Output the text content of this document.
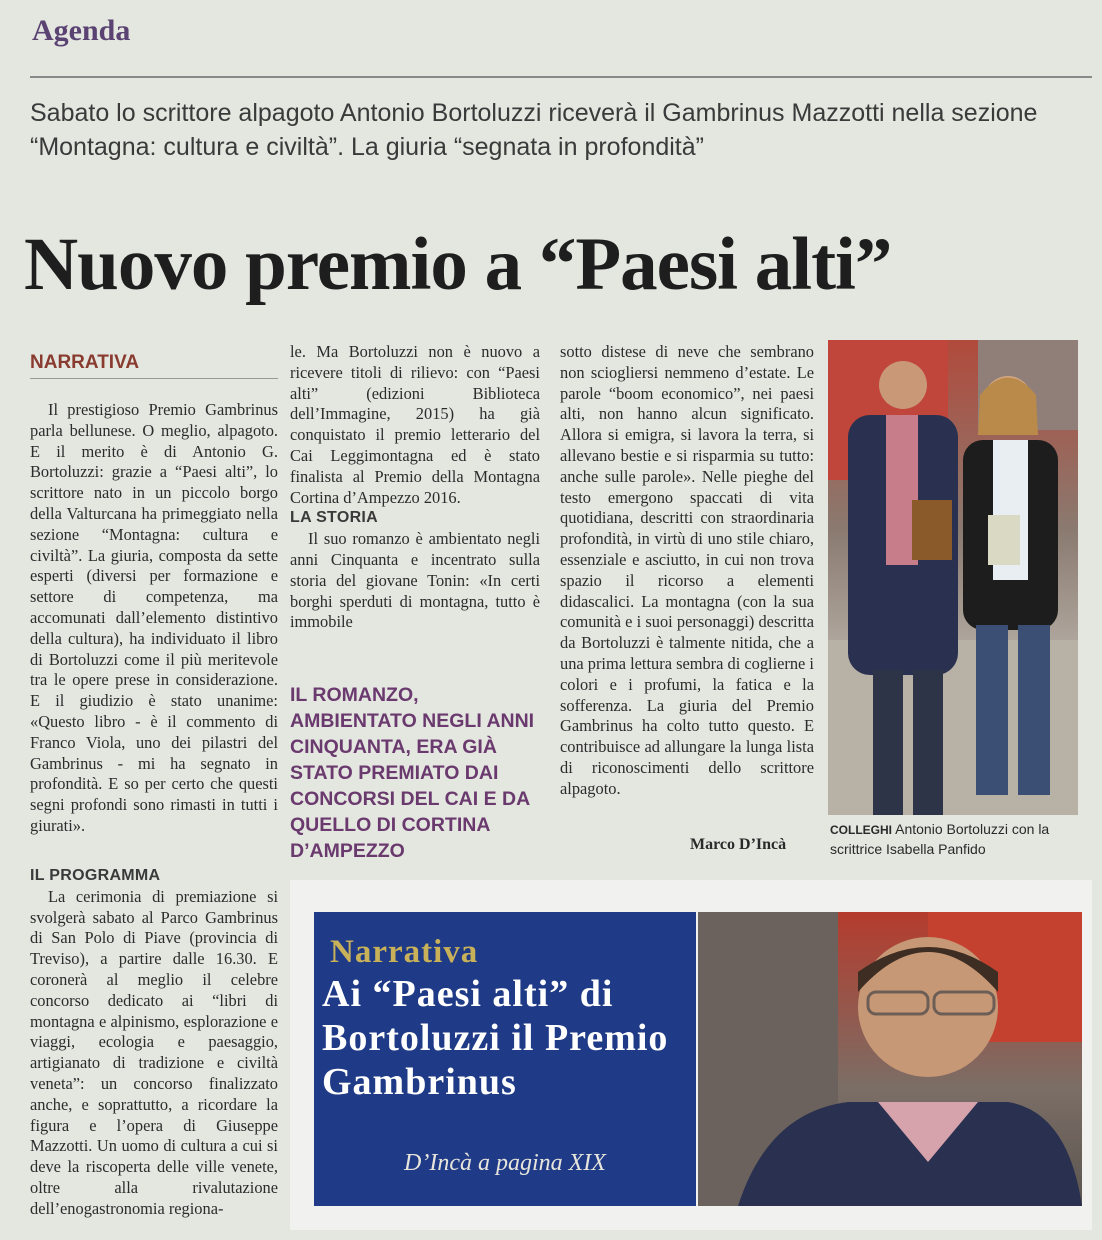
Agenda
Sabato lo scrittore alpagoto Antonio Bortoluzzi riceverà il Gambrinus Mazzotti nella sezione “Montagna: cultura e civiltà”. La giuria “segnata in profondità”
Nuovo premio a “Paesi alti”
NARRATIVA

Il prestigioso Premio Gambrinus parla bellunese. O meglio, alpagoto. E il merito è di Antonio G. Bortoluzzi: grazie a “Paesi alti”, lo scrittore nato in un piccolo borgo della Valturcana ha primeggiato nella sezione “Montagna: cultura e civiltà”. La giuria, composta da sette esperti (diversi per formazione e settore di competenza, ma accomunati dall’elemento distintivo della cultura), ha individuato il libro di Bortoluzzi come il più meritevole tra le opere prese in considerazione. E il giudizio è stato unanime: «Questo libro - è il commento di Franco Viola, uno dei pilastri del Gambrinus - mi ha segnato in profondità. E so per certo che questi segni profondi sono rimasti in tutti i giurati».

IL PROGRAMMA

La cerimonia di premiazione si svolgerà sabato al Parco Gambrinus di San Polo di Piave (provincia di Treviso), a partire dalle 16.30. E coronerà al meglio il celebre concorso dedicato ai “libri di montagna e alpinismo, esplorazione e viaggi, ecologia e paesaggio, artigianato di tradizione e civiltà veneta”: un concorso finalizzato anche, e soprattutto, a ricordare la figura e l’opera di Giuseppe Mazzotti. Un uomo di cultura a cui si deve la riscoperta delle ville venete, oltre alla rivalutazione dell’enogastronomia regiona-

le. Ma Bortoluzzi non è nuovo a ricevere titoli di rilievo: con “Paesi alti” (edizioni Biblioteca dell’Immagine, 2015) ha già conquistato il premio letterario del Cai Leggimontagna ed è stato finalista al Premio della Montagna Cortina d’Ampezzo 2016.

LA STORIA

Il suo romanzo è ambientato negli anni Cinquanta e incentrato sulla storia del giovane Tonin: «In certi borghi sperduti di montagna, tutto è immobile

IL ROMANZO, AMBIENTATO NEGLI ANNI CINQUANTA, ERA GIÀ STATO PREMIATO DAI CONCORSI DEL CAI E DA QUELLO DI CORTINA D’AMPEZZO

sotto distese di neve che sembrano non sciogliersi nemmeno d’estate. Le parole “boom economico”, nei paesi alti, non hanno alcun significato. Allora si emigra, si lavora la terra, si allevano bestie e si risparmia su tutto: anche sulle parole». Nelle pieghe del testo emergono spaccati di vita quotidiana, descritti con straordinaria profondità, in virtù di uno stile chiaro, essenziale e asciutto, in cui non trova spazio il ricorso a elementi didascalici. La montagna (con la sua comunità e i suoi personaggi) descritta da Bortoluzzi è talmente nitida, che a una prima lettura sembra di coglierne i colori e i profumi, la fatica e la sofferenza. La giuria del Premio Gambrinus ha colto tutto questo. E contribuisce ad allungare la lunga lista di riconoscimenti dello scrittore alpagoto.

Marco D’Incà
COLLEGHI Antonio Bortoluzzi con la scrittrice Isabella Panfido
Narrativa
Ai “Paesi alti” di Bortoluzzi il Premio Gambrinus
D’Incà a pagina XIX
